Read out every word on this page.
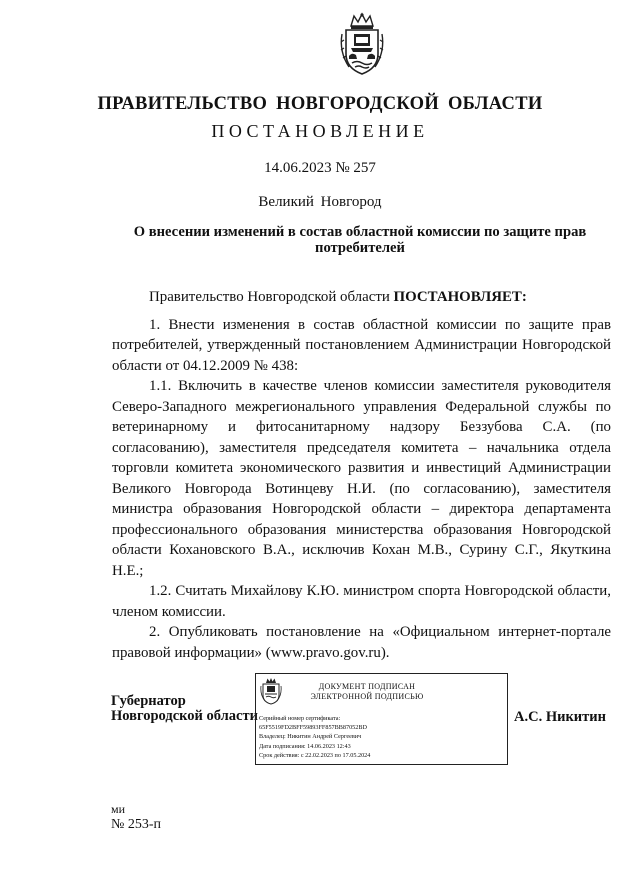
ПРАВИТЕЛЬСТВО НОВГОРОДСКОЙ ОБЛАСТИ
ПОСТАНОВЛЕНИЕ
14.06.2023 № 257
Великий Новгород
О внесении изменений в состав областной комиссии по защите прав потребителей

Правительство Новгородской области ПОСТАНОВЛЯЕТ:

1. Внести изменения в состав областной комиссии по защите прав потребителей, утвержденный постановлением Администрации Новгородской области от 04.12.2009 № 438:

1.1. Включить в качестве членов комиссии заместителя руководителя Северо-Западного межрегионального управления Федеральной службы по ветеринарному и фитосанитарному надзору Беззубова С.А. (по согласованию), заместителя председателя комитета – начальника отдела торговли комитета экономического развития и инвестиций Администрации Великого Новгорода Вотинцеву Н.И. (по согласованию), заместителя министра образования Новгородской области – директора департамента профессионального образования министерства образования Новгородской области Кохановского В.А., исключив Кохан М.В., Сурину С.Г., Якуткина Н.Е.;

1.2. Считать Михайлову К.Ю. министром спорта Новгородской области, членом комиссии.

2. Опубликовать постановление на «Официальном интернет-портале правовой информации» (www.pravo.gov.ru).

Губернатор
Новгородской области
ДОКУМЕНТ ПОДПИСАН
ЭЛЕКТРОННОЙ ПОДПИСЬЮ
Серийный номер сертификата:
65F5519FD2BFF59893FF857BB87052BD
Владелец: Никитин Андрей Сергеевич
Дата подписания: 14.06.2023 12:43
Срок действия: с 22.02.2023 по 17.05.2024
А.С. Никитин
ми
№ 253-п
